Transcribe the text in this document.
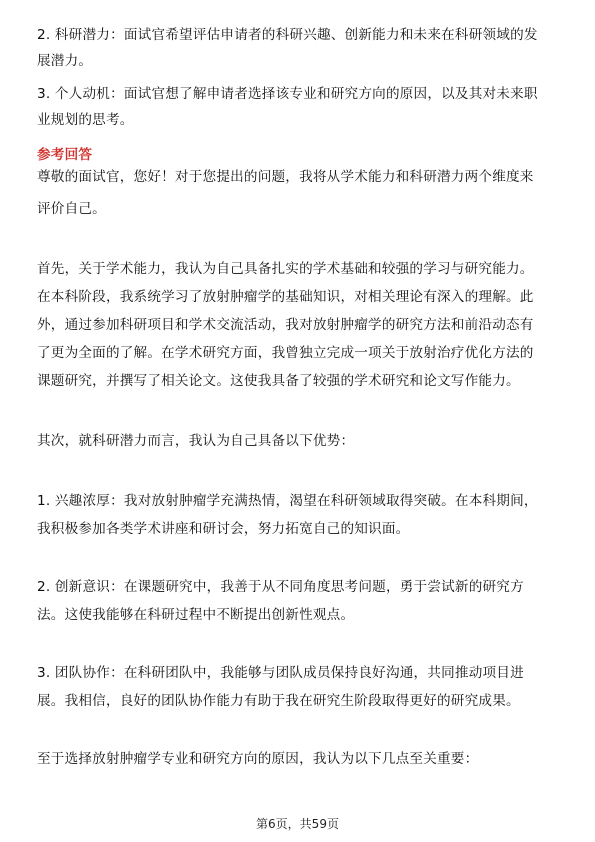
2. 科研潜力：面试官希望评估申请者的科研兴趣、创新能力和未来在科研领域的发
展潜力。
3. 个人动机：面试官想了解申请者选择该专业和研究方向的原因，以及其对未来职
业规划的思考。
参考回答
尊敬的面试官，您好！对于您提出的问题，我将从学术能力和科研潜力两个维度来
评价自己。
首先，关于学术能力，我认为自己具备扎实的学术基础和较强的学习与研究能力。
在本科阶段，我系统学习了放射肿瘤学的基础知识，对相关理论有深入的理解。此
外，通过参加科研项目和学术交流活动，我对放射肿瘤学的研究方法和前沿动态有
了更为全面的了解。在学术研究方面，我曾独立完成一项关于放射治疗优化方法的
课题研究，并撰写了相关论文。这使我具备了较强的学术研究和论文写作能力。
其次，就科研潜力而言，我认为自己具备以下优势：
1. 兴趣浓厚：我对放射肿瘤学充满热情，渴望在科研领域取得突破。在本科期间，
我积极参加各类学术讲座和研讨会，努力拓宽自己的知识面。
2. 创新意识：在课题研究中，我善于从不同角度思考问题，勇于尝试新的研究方
法。这使我能够在科研过程中不断提出创新性观点。
3. 团队协作：在科研团队中，我能够与团队成员保持良好沟通，共同推动项目进
展。我相信，良好的团队协作能力有助于我在研究生阶段取得更好的研究成果。
至于选择放射肿瘤学专业和研究方向的原因，我认为以下几点至关重要：
第6页，共59页
